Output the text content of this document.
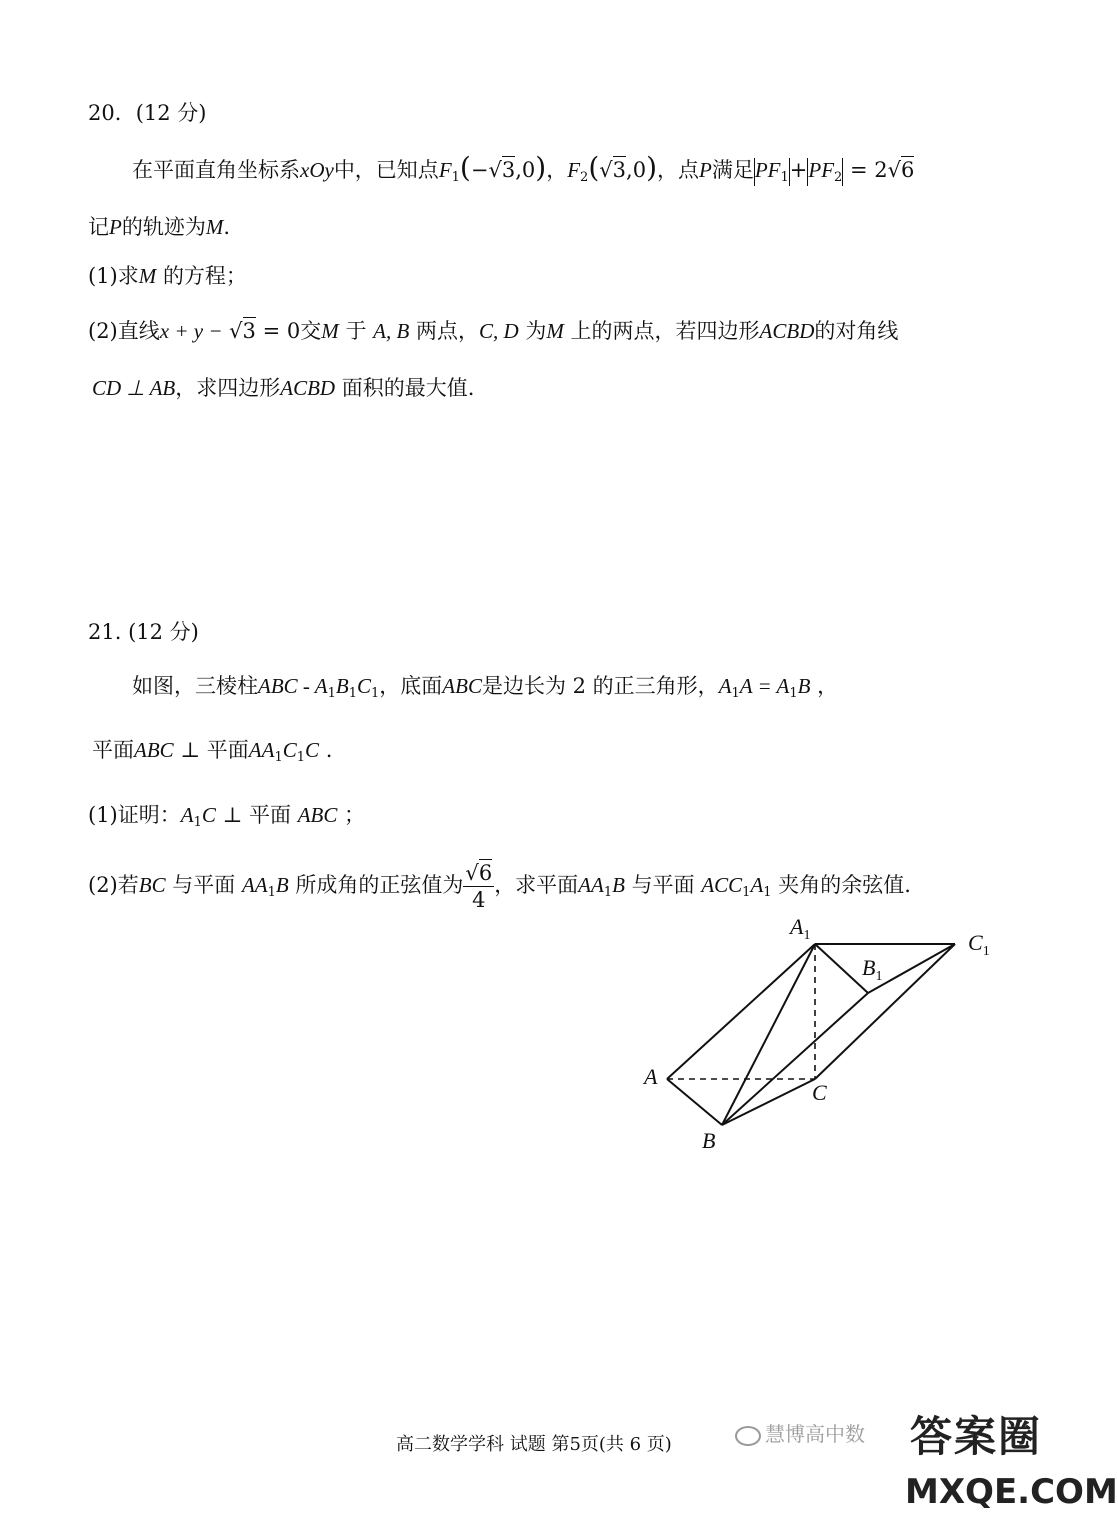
20．(12 分)
在平面直角坐标系xOy中，已知点$F_1(-√3,0)$，$F_2(√3,0)$，点P满足$PF_1+PF_2 = 2√6$
记P的轨迹为M.
(1)求M 的方程；
(2)直线x + y − √3 = 0交M 于 A, B 两点，C, D 为M 上的两点，若四边形ACBD的对角线
CD ⊥ AB，求四边形ACBD 面积的最大值.
21. (12 分)
如图，三棱柱ABC - $A_1B_1C_1$，底面ABC是边长为 2 的正三角形，$A_1A = A_1B$ ，
平面ABC ⊥ 平面$AA_1C_1C$ .
(1)证明：$A_1C$ ⊥ 平面 ABC ；
(2)若BC 与平面 $AA_1B$ 所成角的正弦值为 $\frac{√6}{4}$ ，求平面$AA_1B$ 与平面 $ACC_1A_1$ 夹角的余弦值.
$A_1$	$C_1$
$B_1$
A
C
B
高二数学学科 试题 第5页(共 6 页)	慧博高中数 答案圈
MXQE.COM
